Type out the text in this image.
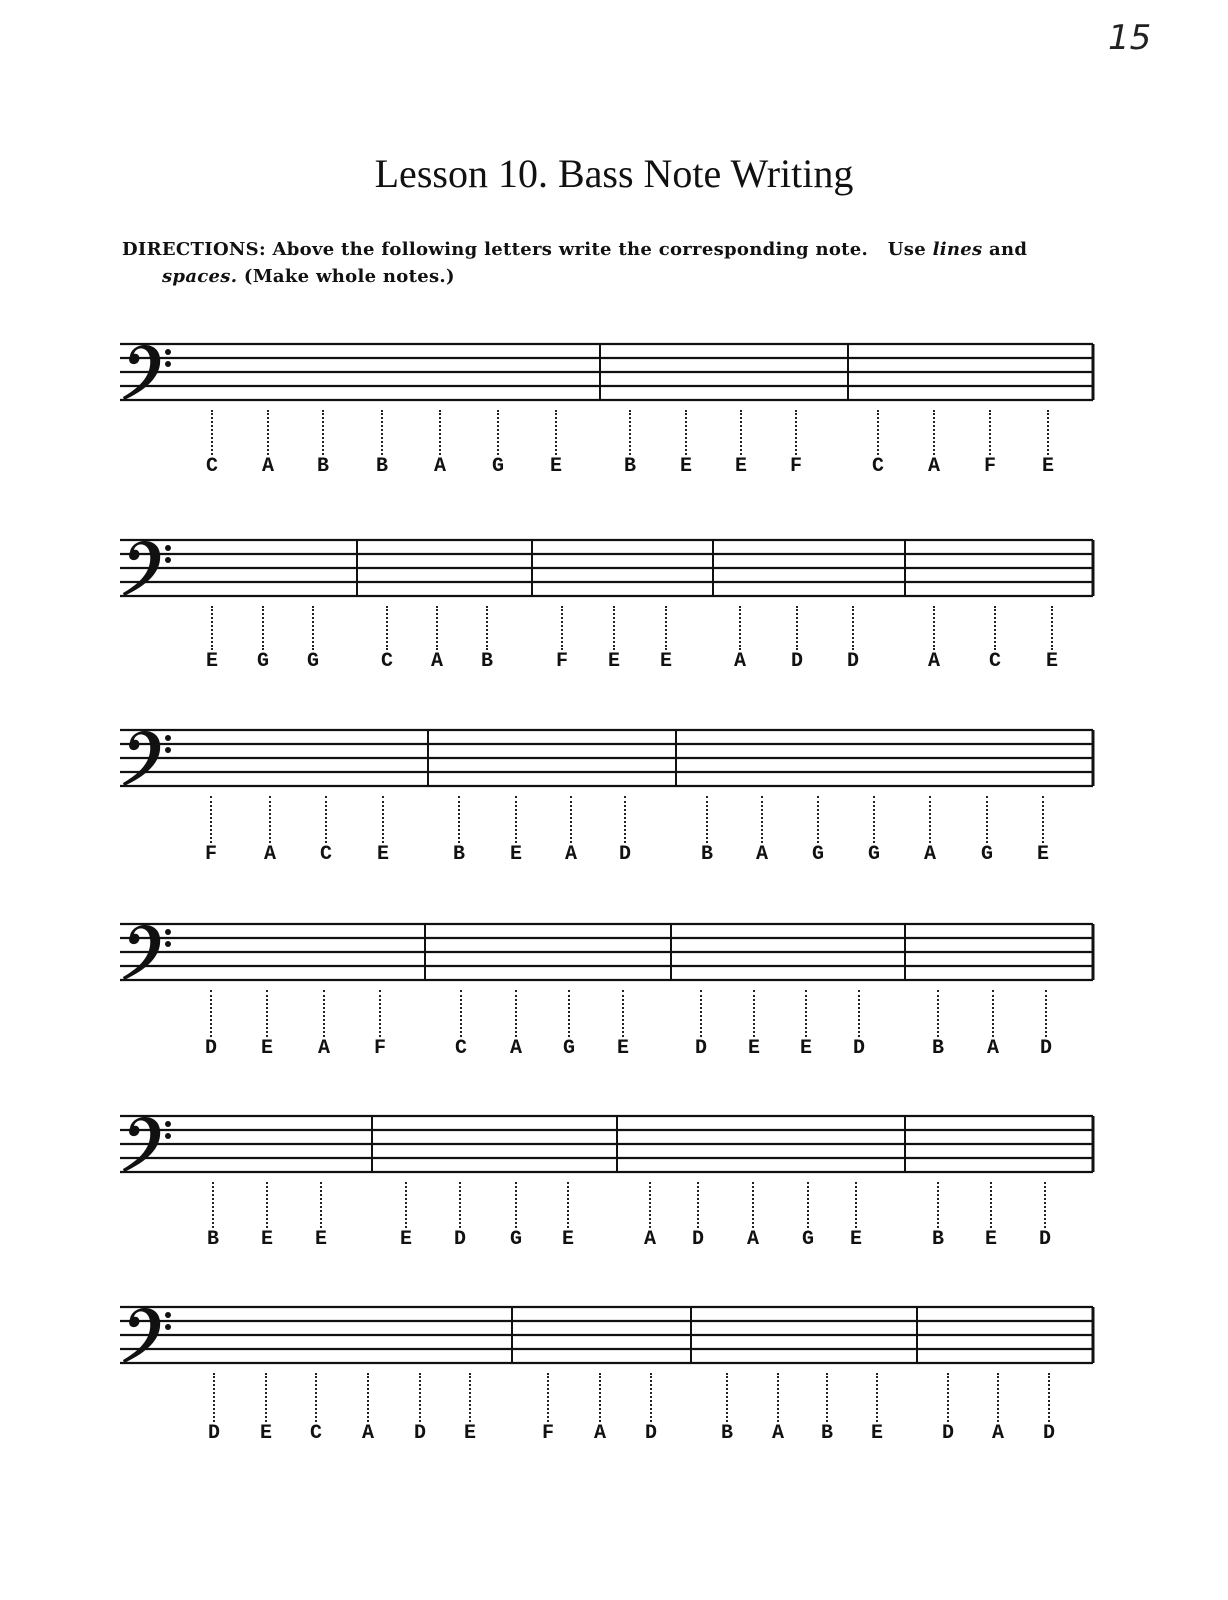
15
Lesson 10. Bass Note Writing
DIRECTIONS: Above the following letters write the corresponding note. Use lines and
spaces. (Make whole notes.)
C A B B A G E	B E E F	C A F E
E G G	C A B	F E E	A D D	A C E
F A C E	B E A D	B A G G A G E
D E A F	C A G E	D E E D	B A D
B E E	E D G E	A D A G E	B E D
D E C A D E	F A D	B A B E	D A D
